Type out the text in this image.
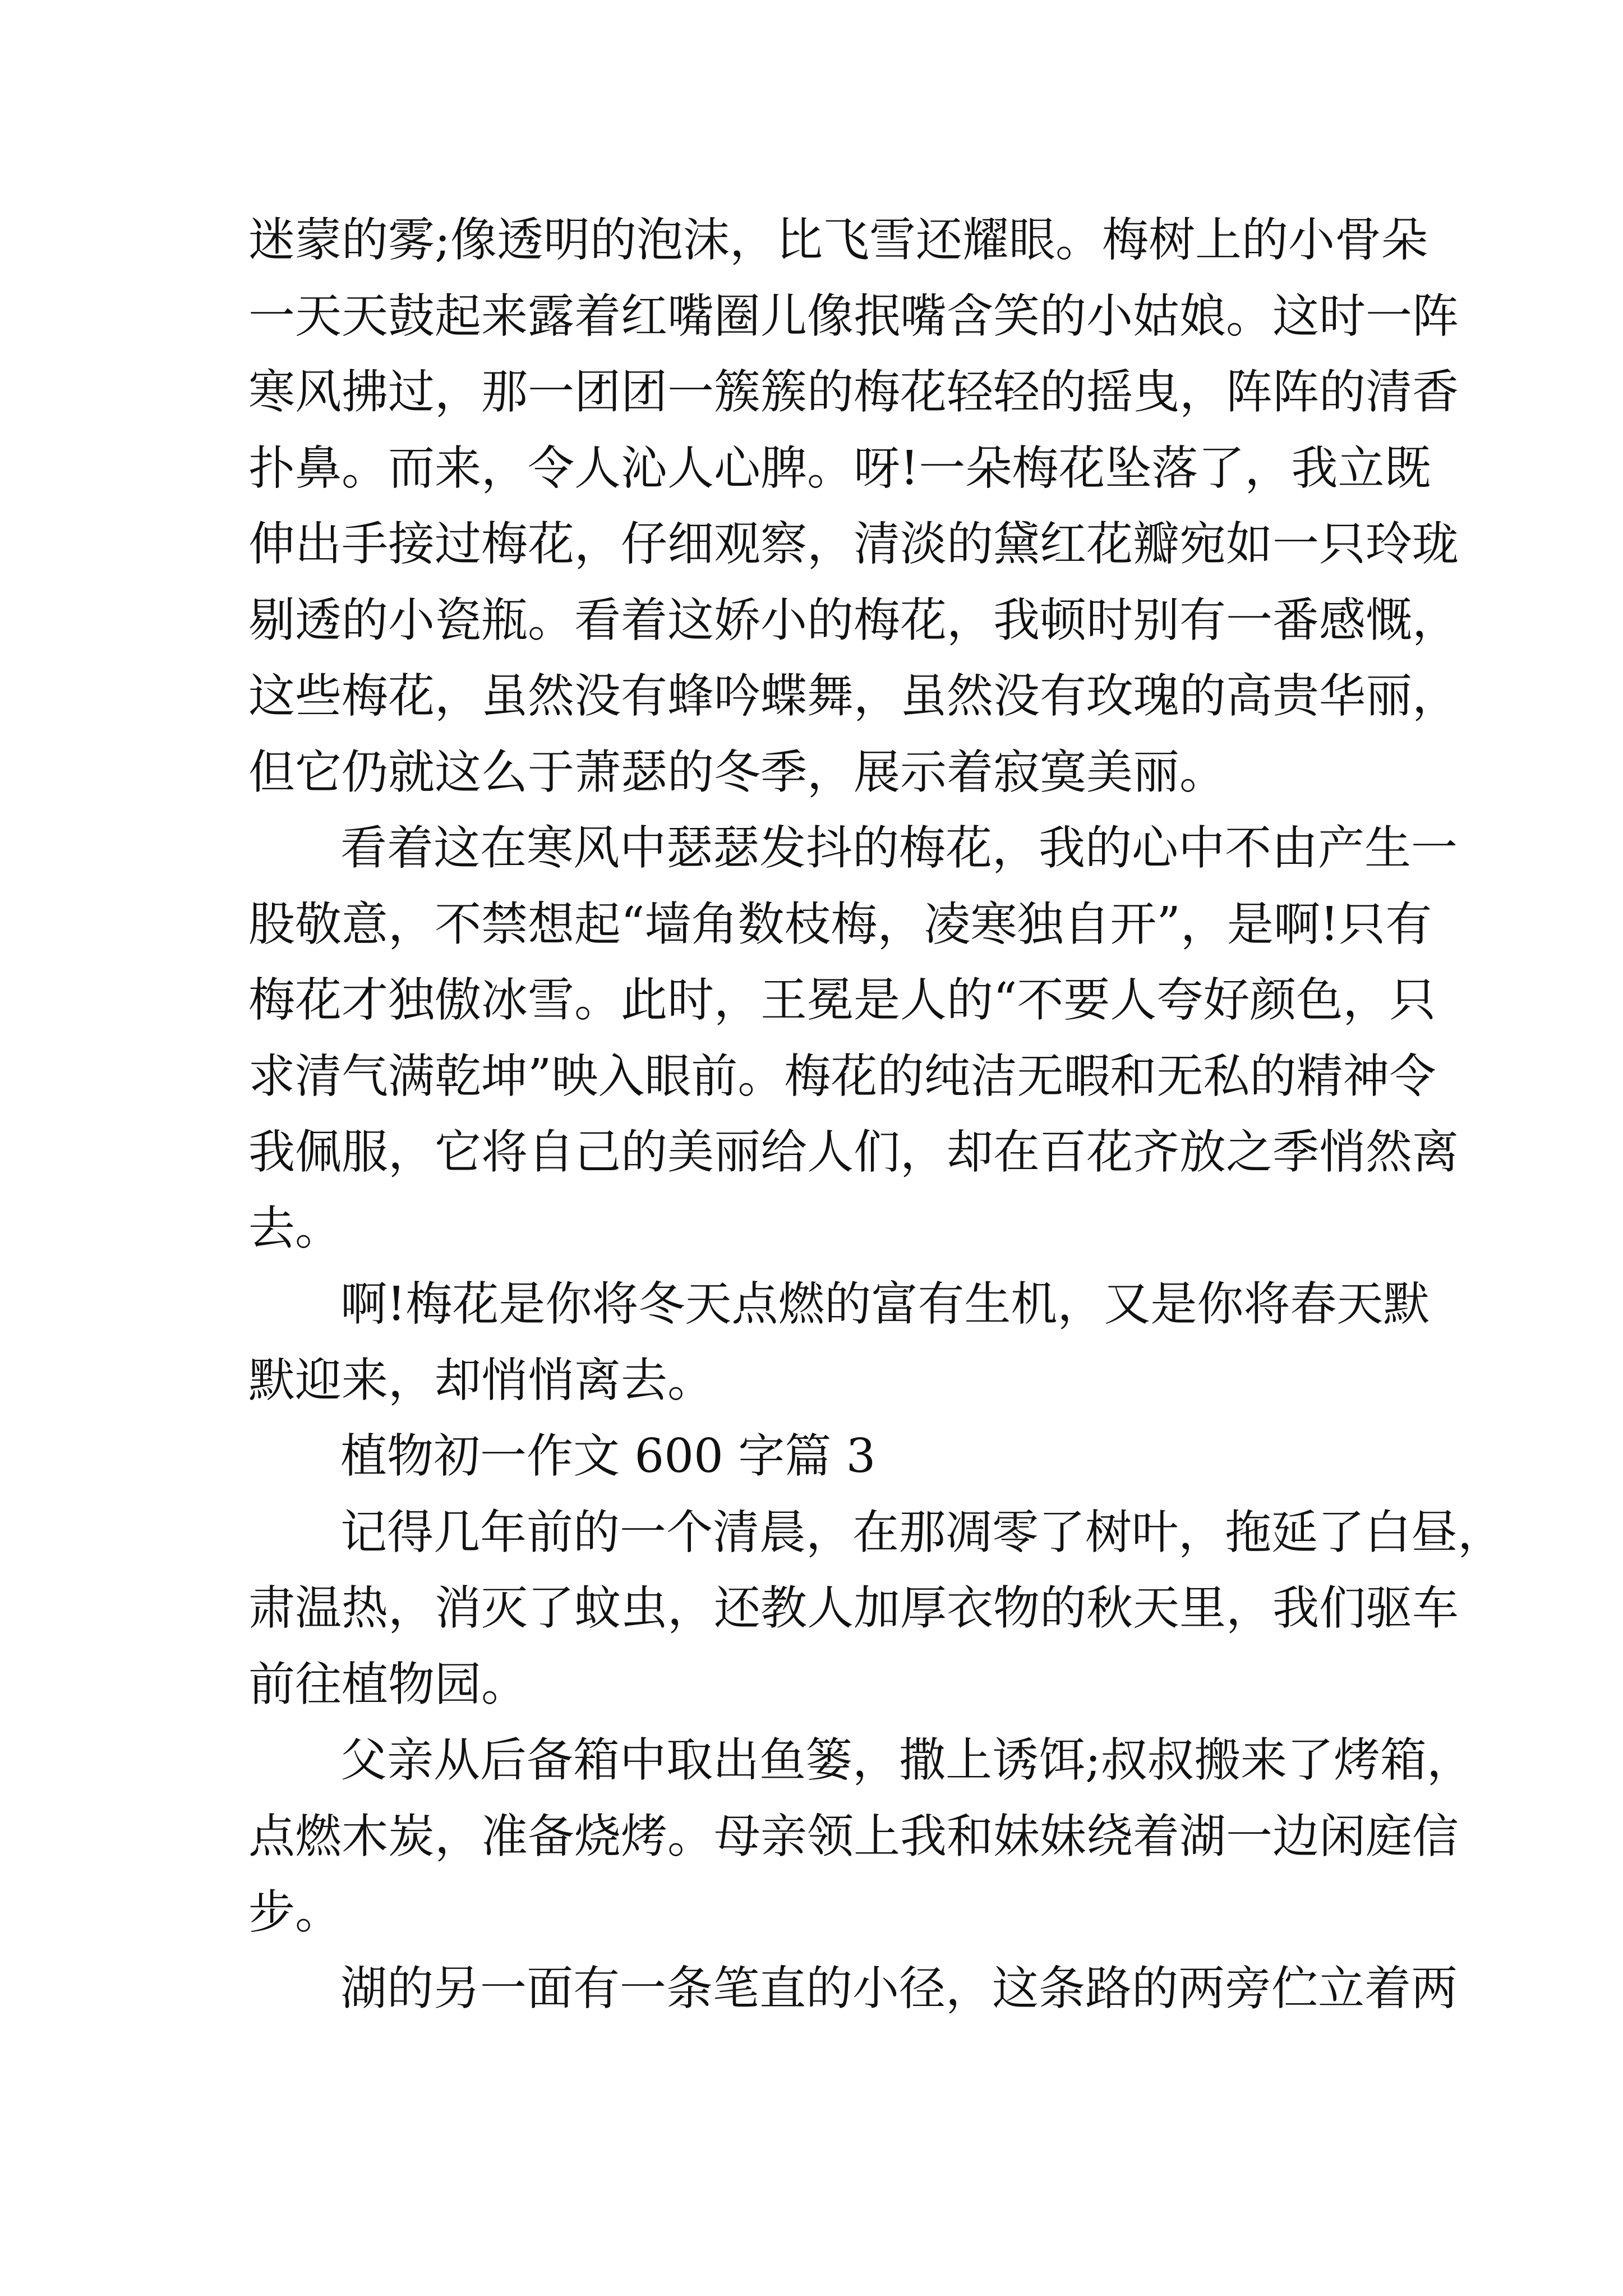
迷蒙的雾;像透明的泡沫，比飞雪还耀眼。梅树上的小骨朵

一天天鼓起来露着红嘴圈儿像抿嘴含笑的小姑娘。这时一阵

寒风拂过，那一团团一簇簇的梅花轻轻的摇曳，阵阵的清香

扑鼻。而来，令人沁人心脾。呀!一朵梅花坠落了，我立既

伸出手接过梅花，仔细观察，清淡的黛红花瓣宛如一只玲珑

剔透的小瓷瓶。看着这娇小的梅花，我顿时别有一番感慨，

这些梅花，虽然没有蜂吟蝶舞，虽然没有玫瑰的高贵华丽，

但它仍就这么于萧瑟的冬季，展示着寂寞美丽。

看着这在寒风中瑟瑟发抖的梅花，我的心中不由产生一

股敬意，不禁想起“墙角数枝梅，凌寒独自开”，是啊!只有

梅花才独傲冰雪。此时，王冕是人的“不要人夸好颜色，只

求清气满乾坤”映入眼前。梅花的纯洁无暇和无私的精神令

我佩服，它将自己的美丽给人们，却在百花齐放之季悄然离

去。

啊!梅花是你将冬天点燃的富有生机，又是你将春天默

默迎来，却悄悄离去。

植物初一作文 600 字篇 3

记得几年前的一个清晨，在那凋零了树叶，拖延了白昼，

肃温热，消灭了蚊虫，还教人加厚衣物的秋天里，我们驱车

前往植物园。

父亲从后备箱中取出鱼篓，撒上诱饵;叔叔搬来了烤箱，

点燃木炭，准备烧烤。母亲领上我和妹妹绕着湖一边闲庭信

步。

湖的另一面有一条笔直的小径，这条路的两旁伫立着两
